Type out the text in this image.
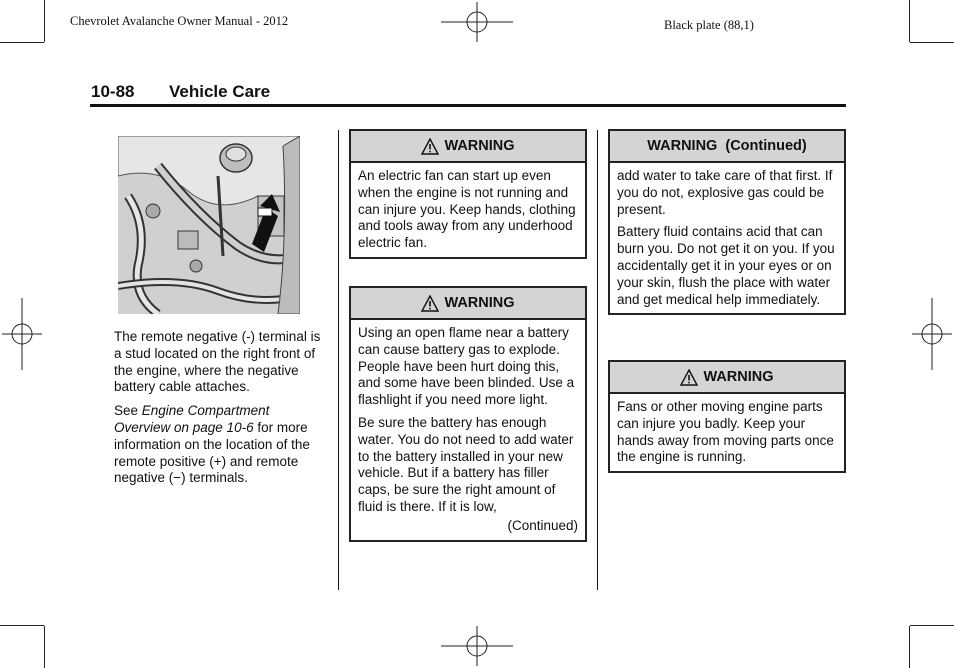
Chevrolet Avalanche Owner Manual - 2012	Black plate (88,1)
10-88 Vehicle Care

The remote negative (-) terminal is a stud located on the right front of the engine, where the negative battery cable attaches.

See Engine Compartment Overview on page 10-6 for more information on the location of the remote positive (+) and remote negative (−) terminals.

WARNING

An electric fan can start up even when the engine is not running and can injure you. Keep hands, clothing and tools away from any underhood electric fan.

WARNING

Using an open flame near a battery can cause battery gas to explode. People have been hurt doing this, and some have been blinded. Use a flashlight if you need more light.

Be sure the battery has enough water. You do not need to add water to the battery installed in your new vehicle. But if a battery has filler caps, be sure the right amount of fluid is there. If it is low,

(Continued)
WARNING  (Continued)

add water to take care of that first. If you do not, explosive gas could be present.

Battery fluid contains acid that can burn you. Do not get it on you. If you accidentally get it in your eyes or on your skin, flush the place with water and get medical help immediately.

WARNING

Fans or other moving engine parts can injure you badly. Keep your hands away from moving parts once the engine is running.
